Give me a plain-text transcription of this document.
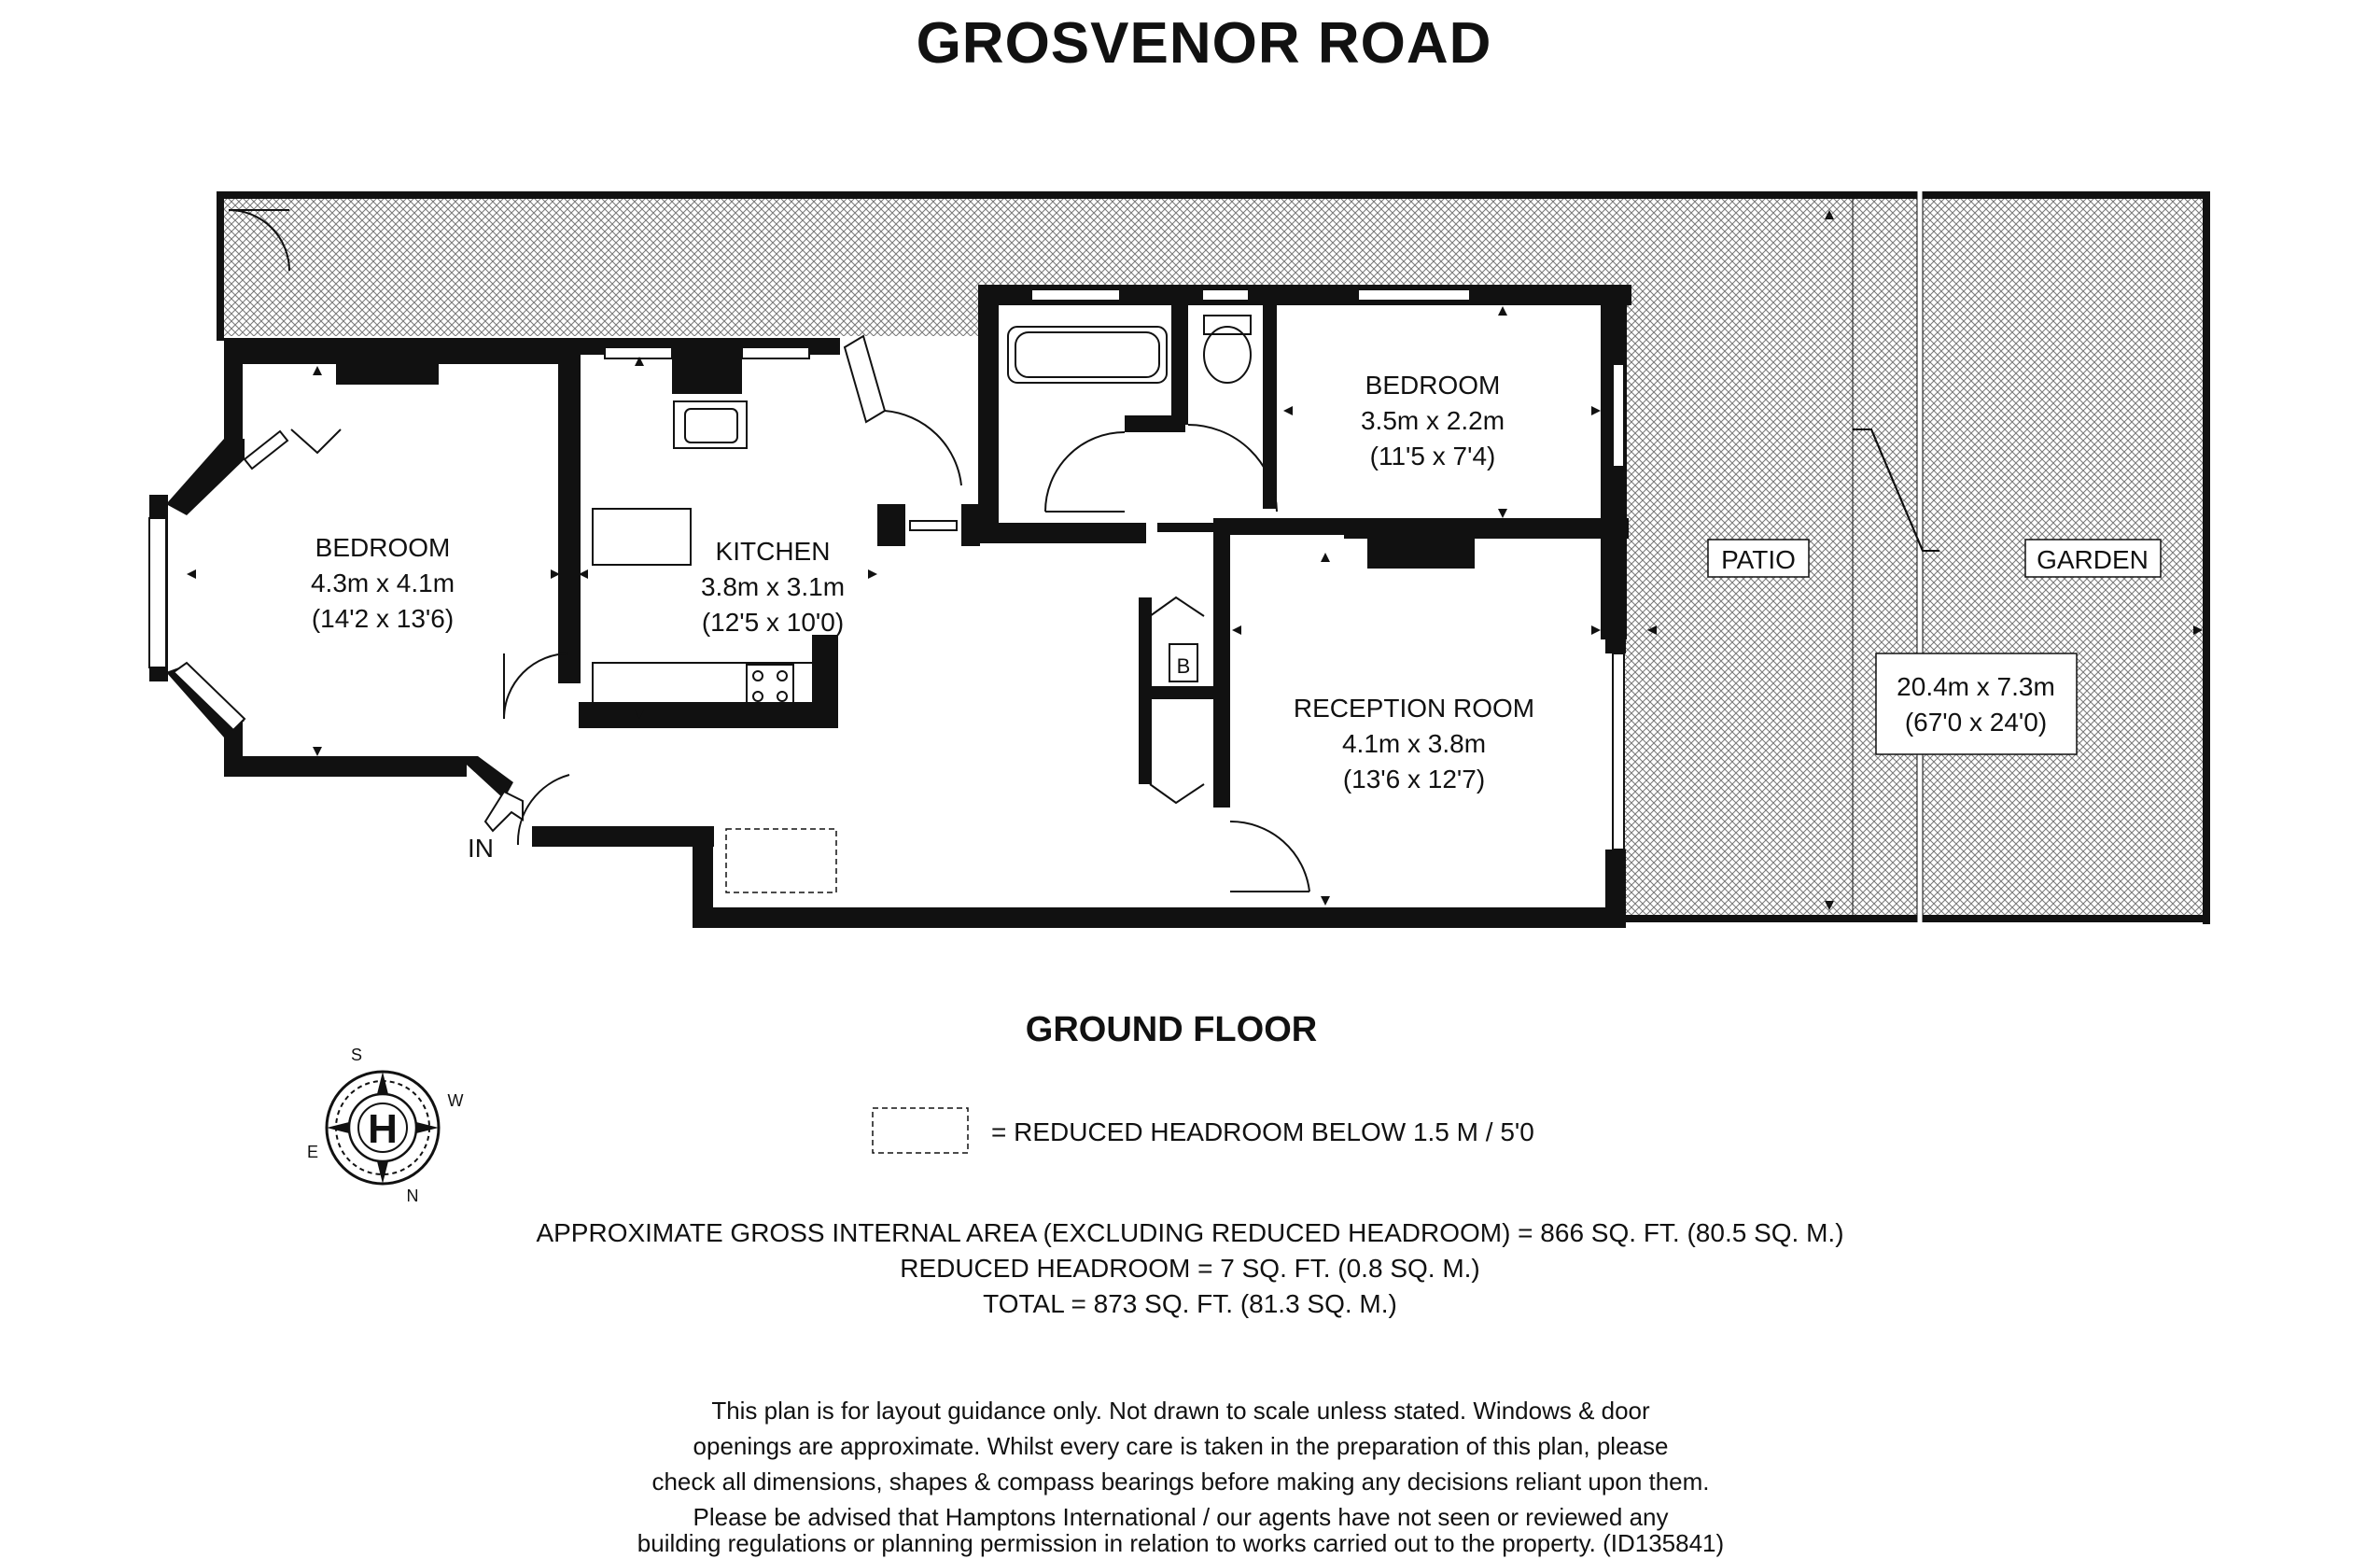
GROSVENOR ROAD
B
BEDROOM
4.3m x 4.1m
(14'2 x 13'6)
KITCHEN
3.8m x 3.1m
(12'5 x 10'0)
BEDROOM
3.5m x 2.2m
(11'5 x 7'4)
RECEPTION ROOM
4.1m x 3.8m
(13'6 x 12'7)
PATIO	GARDEN
20.4m x 7.3m
(67'0 x 24'0)
IN
GROUND FLOOR
H
S
W
E
N
= REDUCED HEADROOM BELOW 1.5 M / 5'0
APPROXIMATE GROSS INTERNAL AREA (EXCLUDING REDUCED HEADROOM) = 866 SQ. FT. (80.5 SQ. M.)
REDUCED HEADROOM = 7 SQ. FT. (0.8 SQ. M.)
TOTAL = 873 SQ. FT. (81.3 SQ. M.)
This plan is for layout guidance only. Not drawn to scale unless stated. Windows & door
openings are approximate. Whilst every care is taken in the preparation of this plan, please
check all dimensions, shapes & compass bearings before making any decisions reliant upon them.
Please be advised that Hamptons International / our agents have not seen or reviewed any
building regulations or planning permission in relation to works carried out to the property. (ID135841)
